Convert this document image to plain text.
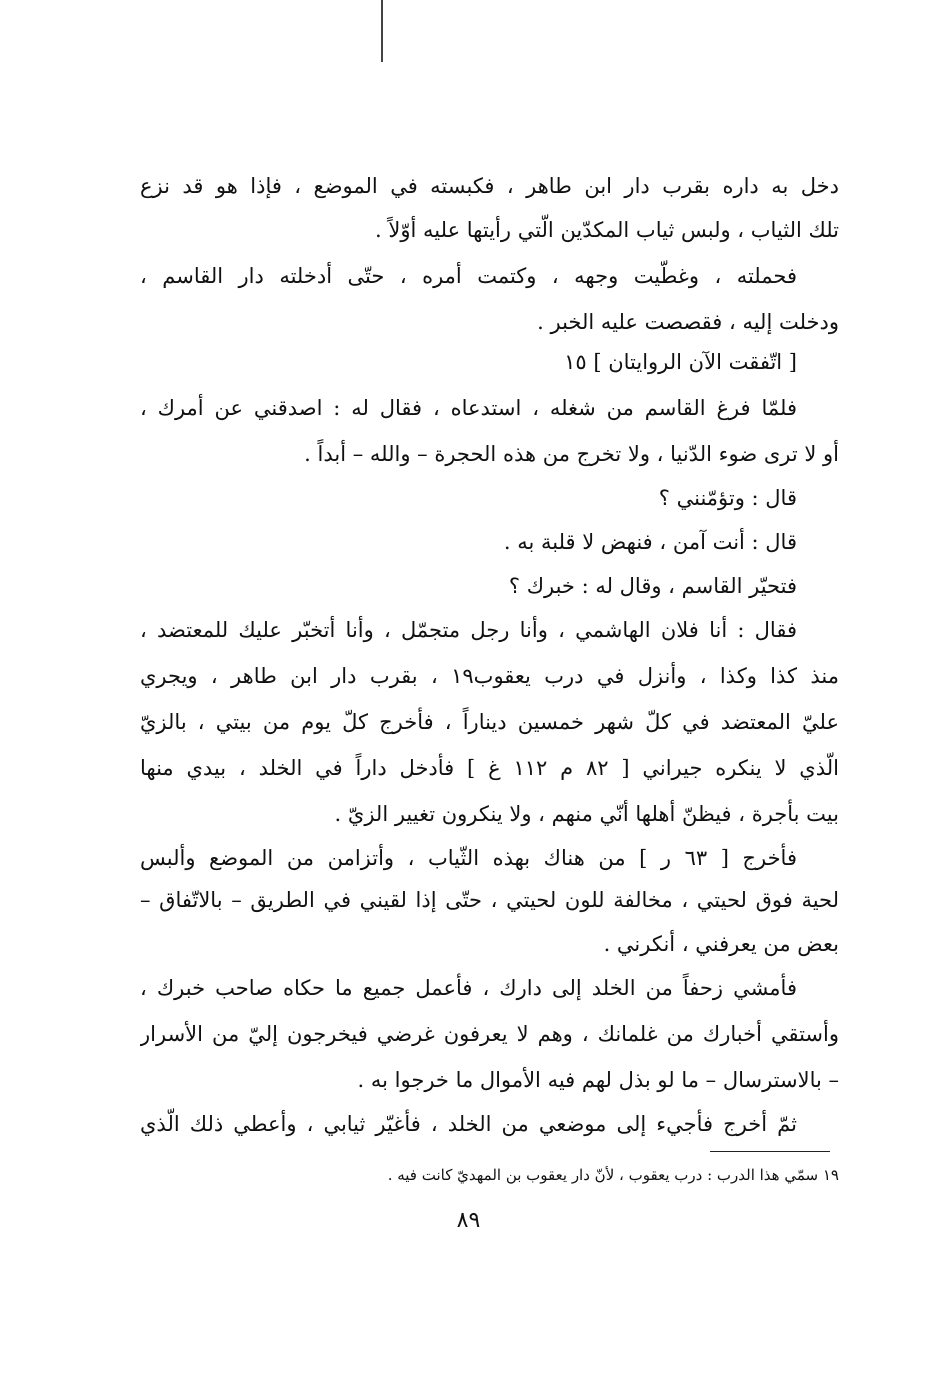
دخل به داره بقرب دار ابن طاهر ، فكبسته في الموضع ، فإذا هو قد نزع
تلك الثياب ، ولبس ثياب المكدّين الّتي رأيتها عليه أوّلاً .
فحملته ، وغطّيت وجهه ، وكتمت أمره ، حتّى أدخلته دار القاسم ،
ودخلت إليه ، فقصصت عليه الخبر .
[ اتّفقت الآن الروايتان ] ١٥
فلمّا فرغ القاسم من شغله ، استدعاه ، فقال له : اصدقني عن أمرك ،
أو لا ترى ضوء الدّنيا ، ولا تخرج من هذه الحجرة – والله – أبداً .
قال : وتؤمّنني ؟
قال : أنت آمن ، فنهض لا قلبة به .
فتحيّر القاسم ، وقال له : خبرك ؟
فقال : أنا فلان الهاشمي ، وأنا رجل متجمّل ، وأنا أتخبّر عليك للمعتضد ،
منذ كذا وكذا ، وأنزل في درب يعقوب١٩ ، بقرب دار ابن طاهر ، ويجري
عليّ المعتضد في كلّ شهر خمسين ديناراً ، فأخرج كلّ يوم من بيتي ، بالزيّ
الّذي لا ينكره جيراني [ ٨٢ م ١١٢ غ ] فأدخل داراً في الخلد ، بيدي منها
بيت بأجرة ، فيظنّ أهلها أنّي منهم ، ولا ينكرون تغيير الزيّ .
فأخرج [ ٦٣ ر ] من هناك بهذه الثّياب ، وأتزامن من الموضع وألبس
لحية فوق لحيتي ، مخالفة للون لحيتي ، حتّى إذا لقيني في الطريق – بالاتّفاق –
بعض من يعرفني ، أنكرني .
فأمشي زحفاً من الخلد إلى دارك ، فأعمل جميع ما حكاه صاحب خبرك ،
وأستقي أخبارك من غلمانك ، وهم لا يعرفون غرضي فيخرجون إليّ من الأسرار
– بالاسترسال – ما لو بذل لهم فيه الأموال ما خرجوا به .
ثمّ أخرج فأجيء إلى موضعي من الخلد ، فأغيّر ثيابي ، وأعطي ذلك الّذي
١٩ سمّي هذا الدرب : درب يعقوب ، لأنّ دار يعقوب بن المهديّ كانت فيه .
٨٩
